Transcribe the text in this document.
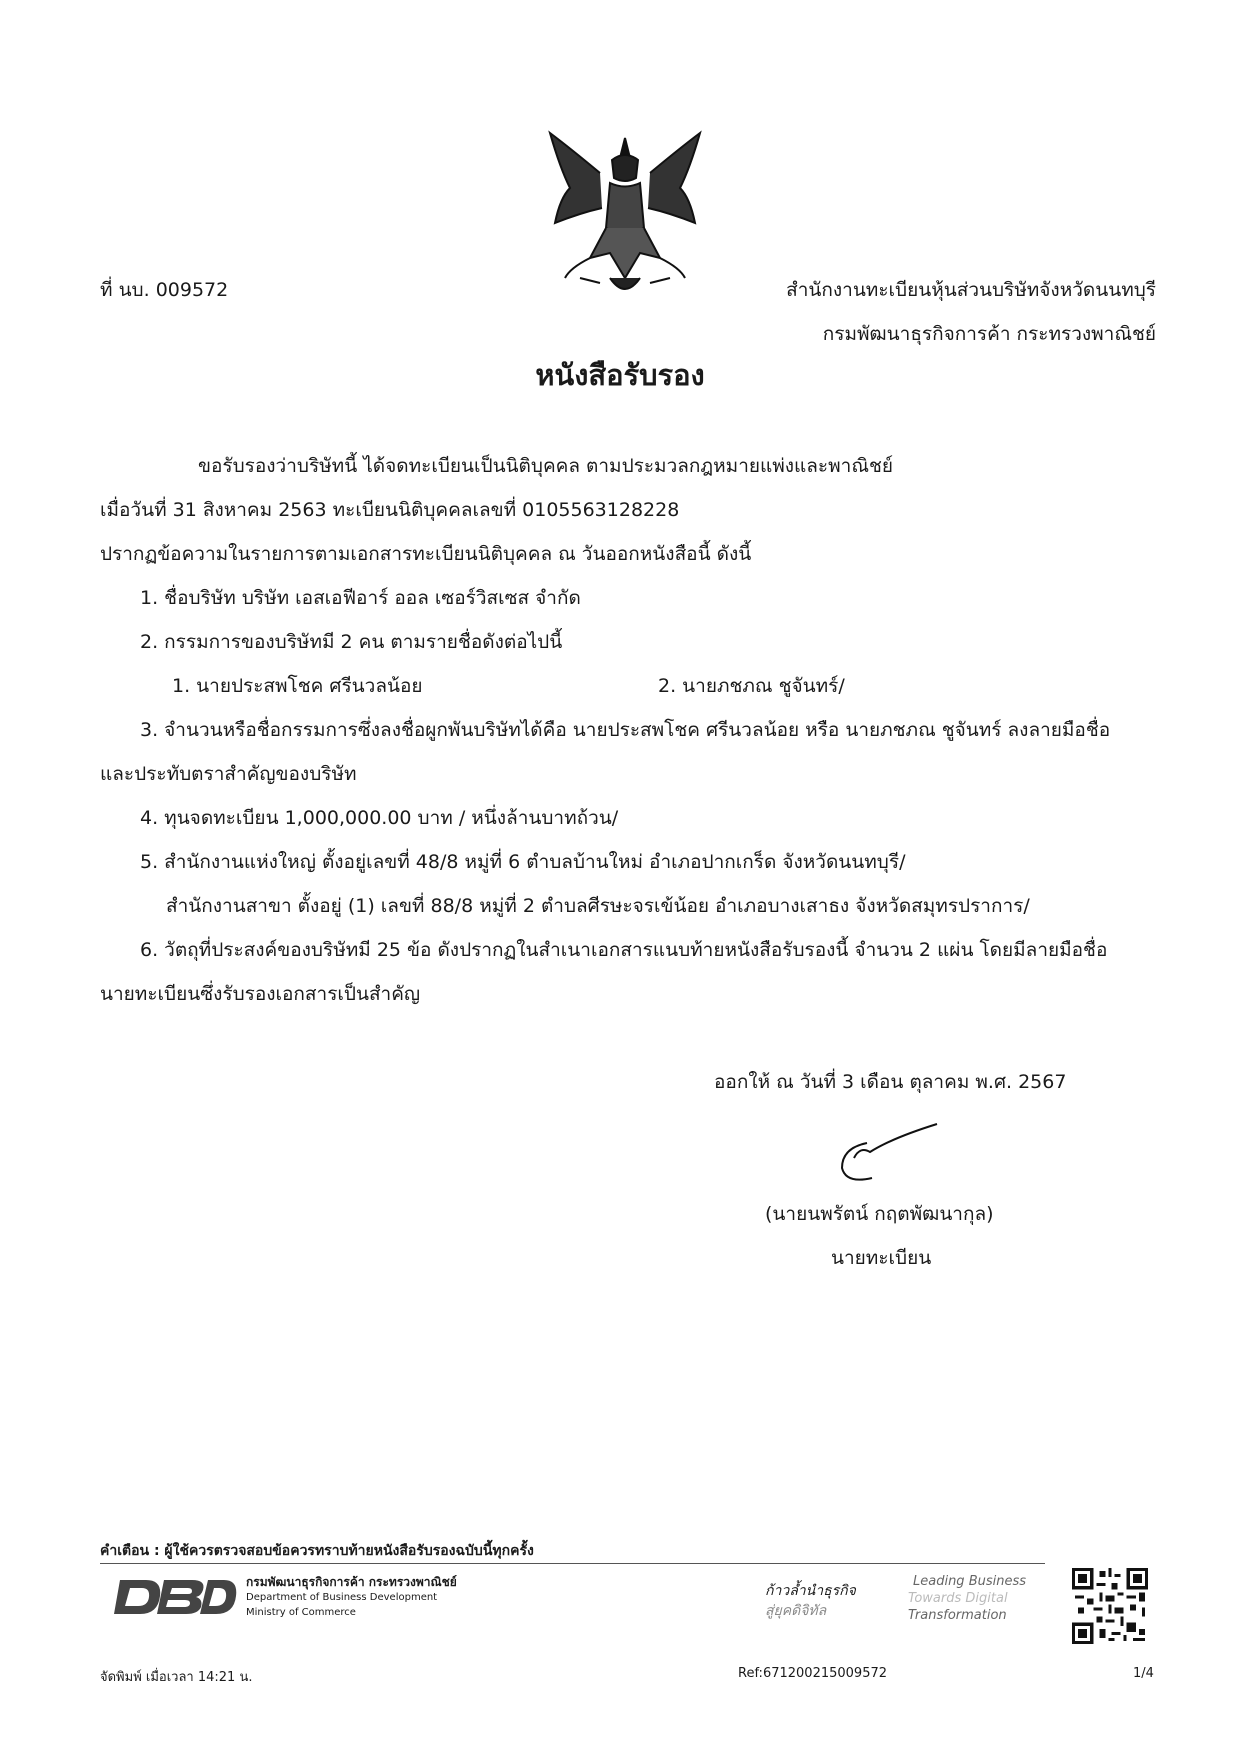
ที่ นบ. 009572	สำนักงานทะเบียนหุ้นส่วนบริษัทจังหวัดนนทบุรี
กรมพัฒนาธุรกิจการค้า กระทรวงพาณิชย์
หนังสือรับรอง
ขอรับรองว่าบริษัทนี้ ได้จดทะเบียนเป็นนิติบุคคล ตามประมวลกฎหมายแพ่งและพาณิชย์
เมื่อวันที่ 31 สิงหาคม 2563 ทะเบียนนิติบุคคลเลขที่ 0105563128228
ปรากฏข้อความในรายการตามเอกสารทะเบียนนิติบุคคล ณ วันออกหนังสือนี้ ดังนี้
1. ชื่อบริษัท บริษัท เอสเอฟีอาร์ ออล เซอร์วิสเซส จำกัด
2. กรรมการของบริษัทมี 2 คน ตามรายชื่อดังต่อไปนี้
1. นายประสพโชค ศรีนวลน้อย	2. นายภชภณ ชูจันทร์/
3. จำนวนหรือชื่อกรรมการซึ่งลงชื่อผูกพันบริษัทได้คือ นายประสพโชค ศรีนวลน้อย หรือ นายภชภณ ชูจันทร์ ลงลายมือชื่อ
และประทับตราสำคัญของบริษัท
4. ทุนจดทะเบียน 1,000,000.00 บาท / หนึ่งล้านบาทถ้วน/
5. สำนักงานแห่งใหญ่ ตั้งอยู่เลขที่ 48/8 หมู่ที่ 6 ตำบลบ้านใหม่ อำเภอปากเกร็ด จังหวัดนนทบุรี/
สำนักงานสาขา ตั้งอยู่ (1) เลขที่ 88/8 หมู่ที่ 2 ตำบลศีรษะจรเข้น้อย อำเภอบางเสาธง จังหวัดสมุทรปราการ/
6. วัตถุที่ประสงค์ของบริษัทมี 25 ข้อ ดังปรากฏในสำเนาเอกสารแนบท้ายหนังสือรับรองนี้ จำนวน 2 แผ่น โดยมีลายมือชื่อ
นายทะเบียนซึ่งรับรองเอกสารเป็นสำคัญ
ออกให้ ณ วันที่ 3 เดือน ตุลาคม พ.ศ. 2567
(นายนพรัตน์ กฤตพัฒนากุล)
นายทะเบียน
คำเตือน : ผู้ใช้ควรตรวจสอบข้อควรทราบท้ายหนังสือรับรองฉบับนี้ทุกครั้ง
กรมพัฒนาธุรกิจการค้า กระทรวงพาณิชย์
Department of Business Development
Ministry of Commerce
ก้าวล้ำนำธุรกิจ
สู่ยุคดิจิทัล
Leading Business
Towards Digital
Transformation
จัดพิมพ์ เมื่อเวลา 14:21 น.	Ref:671200215009572	1/4
